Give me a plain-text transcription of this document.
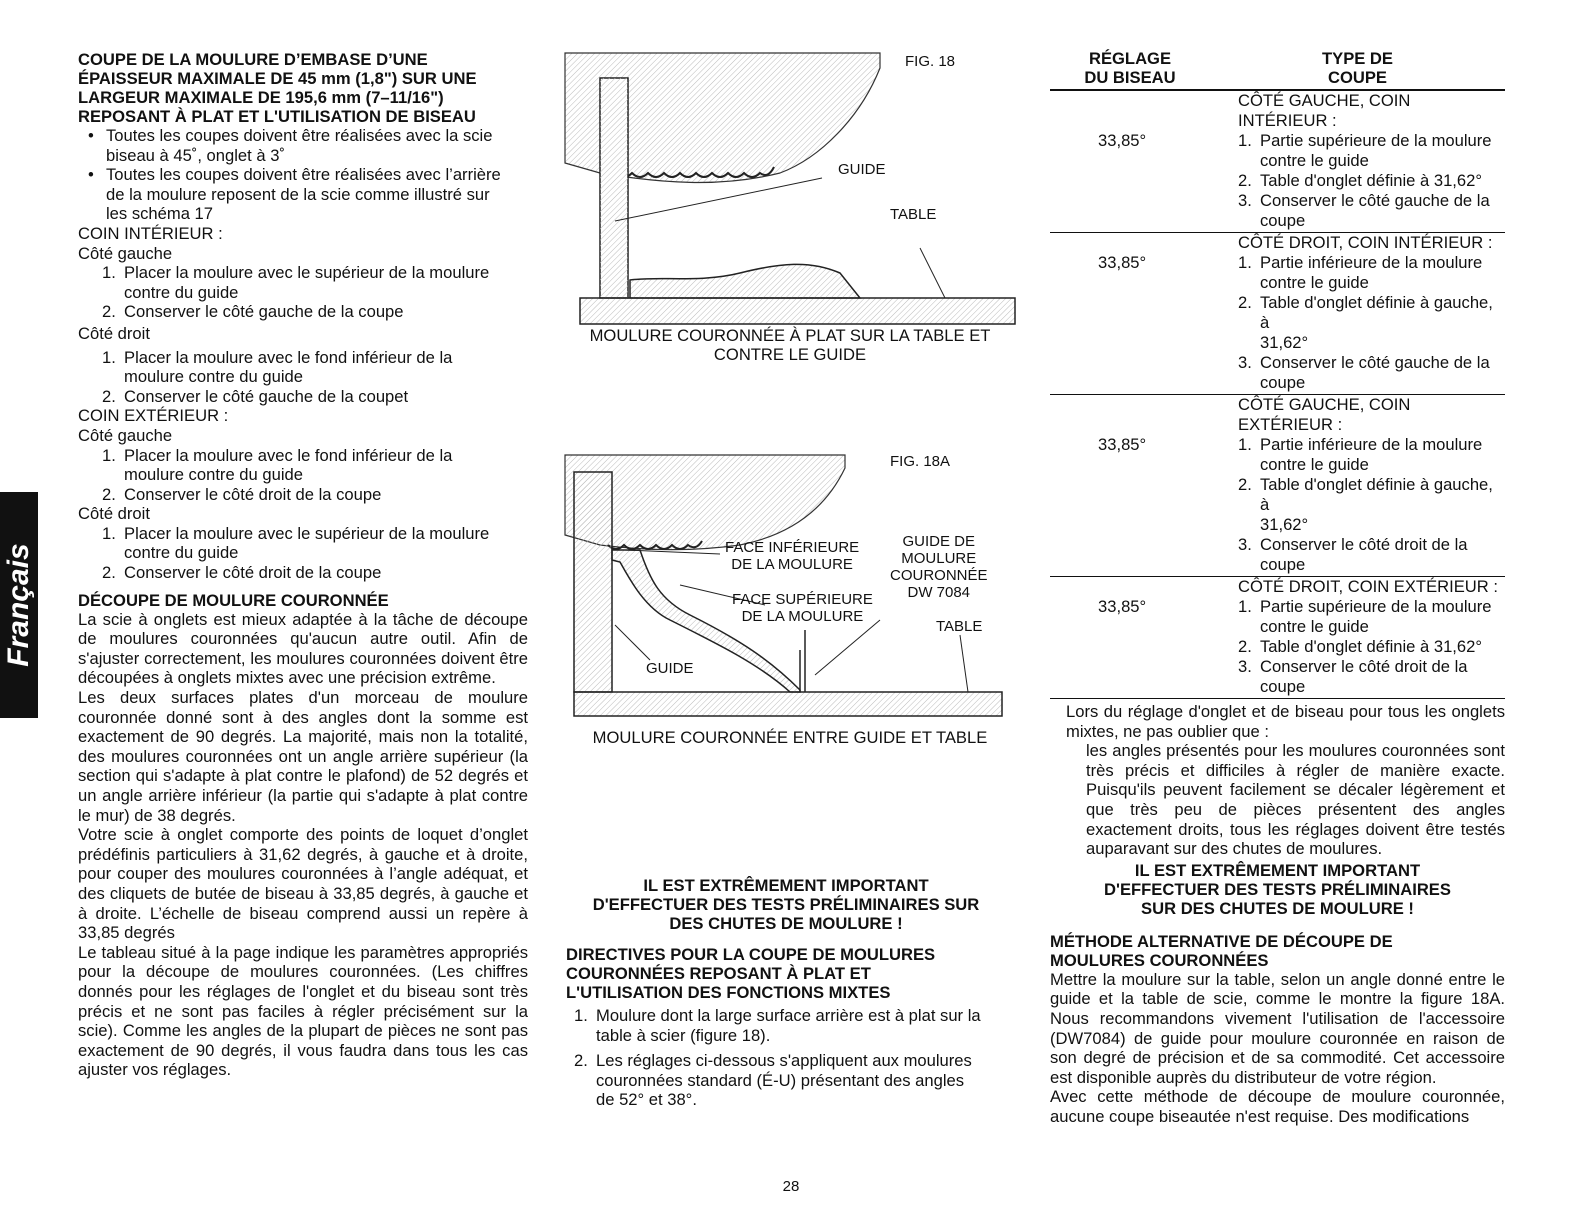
Français
COUPE DE LA MOULURE D’EMBASE D’UNE
ÉPAISSEUR MAXIMALE DE 45 mm (1,8") SUR UNE
LARGEUR MAXIMALE DE 195,6 mm (7–11/16")
REPOSANT À PLAT ET L'UTILISATION DE BISEAU
• Toutes les coupes doivent être réalisées avec la scie
biseau à 45˚, onglet à 3˚
• Toutes les coupes doivent être réalisées avec l’arrière
de la moulure reposent de la scie comme illustré sur
les schéma 17
COIN INTÉRIEUR :
Côté gauche
1. Placer la moulure avec le supérieur de la moulure
contre du guide
2. Conserver le côté gauche de la coupe
Côté droit
1. Placer la moulure avec le fond inférieur de la
moulure contre du guide
2. Conserver le côté gauche de la coupet
COIN EXTÉRIEUR :
Côté gauche
1. Placer la moulure avec le fond inférieur de la
moulure contre du guide
2. Conserver le côté droit de la coupe
Côté droit
1. Placer la moulure avec le supérieur de la moulure
contre du guide
2. Conserver le côté droit de la coupe
DÉCOUPE DE MOULURE COURONNÉE
La scie à onglets est mieux adaptée à la tâche de découpe de moulures couronnées qu'aucun autre outil. Afin de s'ajuster correctement, les moulures couronnées doivent être découpées à onglets mixtes avec une précision extrême.
Les deux surfaces plates d'un morceau de moulure couronnée donné sont à des angles dont la somme est exactement de 90 degrés. La majorité, mais non la totalité, des moulures couronnées ont un angle arrière supérieur (la section qui s'adapte à plat contre le plafond) de 52 degrés et un angle arrière inférieur (la partie qui s'adapte à plat contre le mur) de 38 degrés.
Votre scie à onglet comporte des points de loquet d’onglet prédéfinis particuliers à 31,62 degrés, à gauche et à droite, pour couper des moulures couronnées à l’angle adéquat, et des cliquets de butée de biseau à 33,85 degrés, à gauche et à droite. L’échelle de biseau comprend aussi un repère à 33,85 degrés
Le tableau situé à la page indique les paramètres appropriés pour la découpe de moulures couronnées. (Les chiffres donnés pour les réglages de l'onglet et du biseau sont très précis et ne sont pas faciles à régler précisément sur la scie). Comme les angles de la plupart de pièces ne sont pas exactement de 90 degrés, il vous faudra dans tous les cas ajuster vos réglages.
FIG. 18
GUIDE
TABLE
MOULURE COURONNÉE À PLAT SUR LA TABLE ET
CONTRE LE GUIDE
FIG. 18A
FACE INFÉRIEURE
DE LA MOULURE
FACE SUPÉRIEURE
DE LA MOULURE
GUIDE DE
MOULURE
COURONNÉE
DW 7084
TABLE
GUIDE
MOULURE COURONNÉE ENTRE GUIDE ET TABLE
IL EST EXTRÊMEMENT IMPORTANT
D'EFFECTUER DES TESTS PRÉLIMINAIRES SUR
DES CHUTES DE MOULURE !
DIRECTIVES POUR LA COUPE DE MOULURES
COURONNÉES REPOSANT À PLAT ET
L'UTILISATION DES FONCTIONS MIXTES
1. Moulure dont la large surface arrière est à plat sur la
table à scier (figure 18).
2. Les réglages ci-dessous s'appliquent aux moulures
couronnées standard (É-U) présentant des angles
de 52° et 38°.
RÉGLAGE
DU BISEAU
TYPE DE
COUPE
33,85°
CÔTÉ GAUCHE, COIN
INTÉRIEUR :
1. Partie supérieure de la moulure
contre le guide
2. Table d'onglet définie à 31,62°
3. Conserver le côté gauche de la
coupe
33,85°
CÔTÉ DROIT, COIN INTÉRIEUR :
1. Partie inférieure de la moulure
contre le guide
2. Table d'onglet définie à gauche, à
31,62°
3. Conserver le côté gauche de la
coupe
33,85°
CÔTÉ GAUCHE, COIN
EXTÉRIEUR :
1. Partie inférieure de la moulure
contre le guide
2. Table d'onglet définie à gauche, à
31,62°
3. Conserver le côté droit de la
coupe
33,85°
CÔTÉ DROIT, COIN EXTÉRIEUR :
1. Partie supérieure de la moulure
contre le guide
2. Table d'onglet définie à 31,62°
3. Conserver le côté droit de la
coupe
Lors du réglage d'onglet et de biseau pour tous les onglets mixtes, ne pas oublier que :
les angles présentés pour les moulures couronnées sont très précis et difficiles à régler de manière exacte. Puisqu'ils peuvent facilement se décaler légèrement et que très peu de pièces présentent des angles exactement droits, tous les réglages doivent être testés auparavant sur des chutes de moulures.
IL EST EXTRÊMEMENT IMPORTANT
D'EFFECTUER DES TESTS PRÉLIMINAIRES
SUR DES CHUTES DE MOULURE !
MÉTHODE ALTERNATIVE DE DÉCOUPE DE
MOULURES COURONNÉES
Mettre la moulure sur la table, selon un angle donné entre le guide et la table de scie, comme le montre la figure 18A. Nous recommandons vivement l'utilisation de l'accessoire (DW7084) de guide pour moulure couronnée en raison de son degré de précision et de sa commodité. Cet accessoire est disponible auprès du distributeur de votre région.
Avec cette méthode de découpe de moulure couronnée, aucune coupe biseautée n'est requise. Des modifications
28
